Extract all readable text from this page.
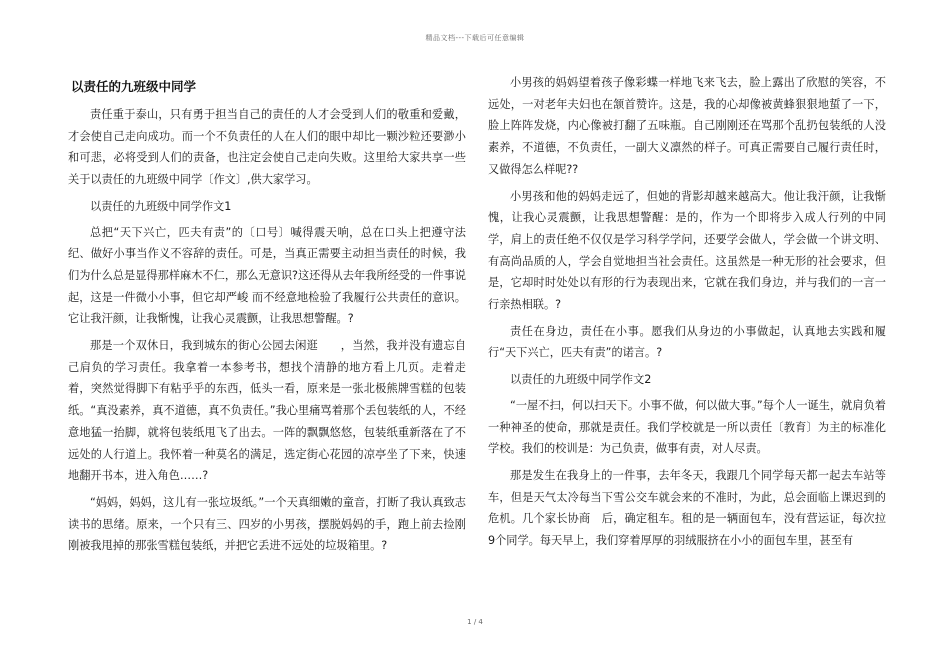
精品文档---下载后可任意编辑
以责任的九班级中同学

责任重于泰山，只有勇于担当自己的责任的人才会受到人们的敬重和爱戴，才会使自己走向成功。而一个不负责任的人在人们的眼中却比一颗沙粒还要渺小和可悲，必将受到人们的责备，也注定会使自己走向失败。这里给大家共享一些关于以责任的九班级中同学〔作文〕,供大家学习。

以责任的九班级中同学作文1

总把“天下兴亡，匹夫有责”的〔口号〕喊得震天响，总在口头上把遵守法纪、做好小事当作义不容辞的责任。可是，当真正需要主动担当责任的时候，我们为什么总是显得那样麻木不仁，那么无意识?这还得从去年我所经受的一件事说起，这是一件微小小事，但它却严峻 而不经意地检验了我履行公共责任的意识。它让我汗颜，让我惭愧，让我心灵震颤，让我思想警醒。?

那是一个双休日，我到城东的街心公园去闲逛　　，当然，我并没有遗忘自己肩负的学习责任。我拿着一本参考书，想找个清静的地方看上几页。走着走着，突然觉得脚下有粘乎乎的东西，低头一看，原来是一张北极熊牌雪糕的包装纸。“真没素养，真不道德，真不负责任。”我心里痛骂着那个丢包装纸的人，不经意地猛一抬脚，就将包装纸甩飞了出去。一阵的飘飘悠悠，包装纸重新落在了不远处的人行道上。我怀着一种莫名的满足，选定街心花园的凉亭坐了下来，快速地翻开书本，进入角色……?

“妈妈，妈妈，这儿有一张垃圾纸。”一个天真细嫩的童音，打断了我认真致志读书的思绪。原来，一个只有三、四岁的小男孩，摆脱妈妈的手，跑上前去捡刚刚被我甩掉的那张雪糕包装纸，并把它丢进不远处的垃圾箱里。?

小男孩的妈妈望着孩子像彩蝶一样地飞来飞去，脸上露出了欣慰的笑容，不远处，一对老年夫妇也在颔首赞许。这是，我的心却像被黄蜂狠狠地蜇了一下，脸上阵阵发烧，内心像被打翻了五味瓶。自己刚刚还在骂那个乱扔包装纸的人没素养，不道德，不负责任，一副大义凛然的样子。可真正需要自己履行责任时，又做得怎么样呢??

小男孩和他的妈妈走远了，但她的背影却越来越高大。他让我汗颜，让我惭愧，让我心灵震颤，让我思想警醒：是的，作为一个即将步入成人行列的中同学，肩上的责任绝不仅仅是学习科学学问，还要学会做人，学会做一个讲文明、有高尚品质的人，学会自觉地担当社会责任。这虽然是一种无形的社会要求，但是，它却时时处处以有形的行为表现出来，它就在我们身边，并与我们的一言一行亲热相联。?

责任在身边，责任在小事。愿我们从身边的小事做起，认真地去实践和履行“天下兴亡，匹夫有责”的诺言。?

以责任的九班级中同学作文2

“一屋不扫，何以扫天下。小事不做，何以做大事。”每个人一诞生，就肩负着一种神圣的使命，那就是责任。我们学校就是一所以责任〔教育〕为主的标准化学校。我们的校训是：为己负责，做事有责，对人尽责。

那是发生在我身上的一件事，去年冬天，我跟几个同学每天都一起去车站等车，但是天气太冷每当下雪公交车就会来的不准时，为此，总会面临上课迟到的危机。几个家长协商　后，确定租车。租的是一辆面包车，没有营运证，每次拉9个同学。每天早上，我们穿着厚厚的羽绒服挤在小小的面包车里，甚至有

1 / 4
